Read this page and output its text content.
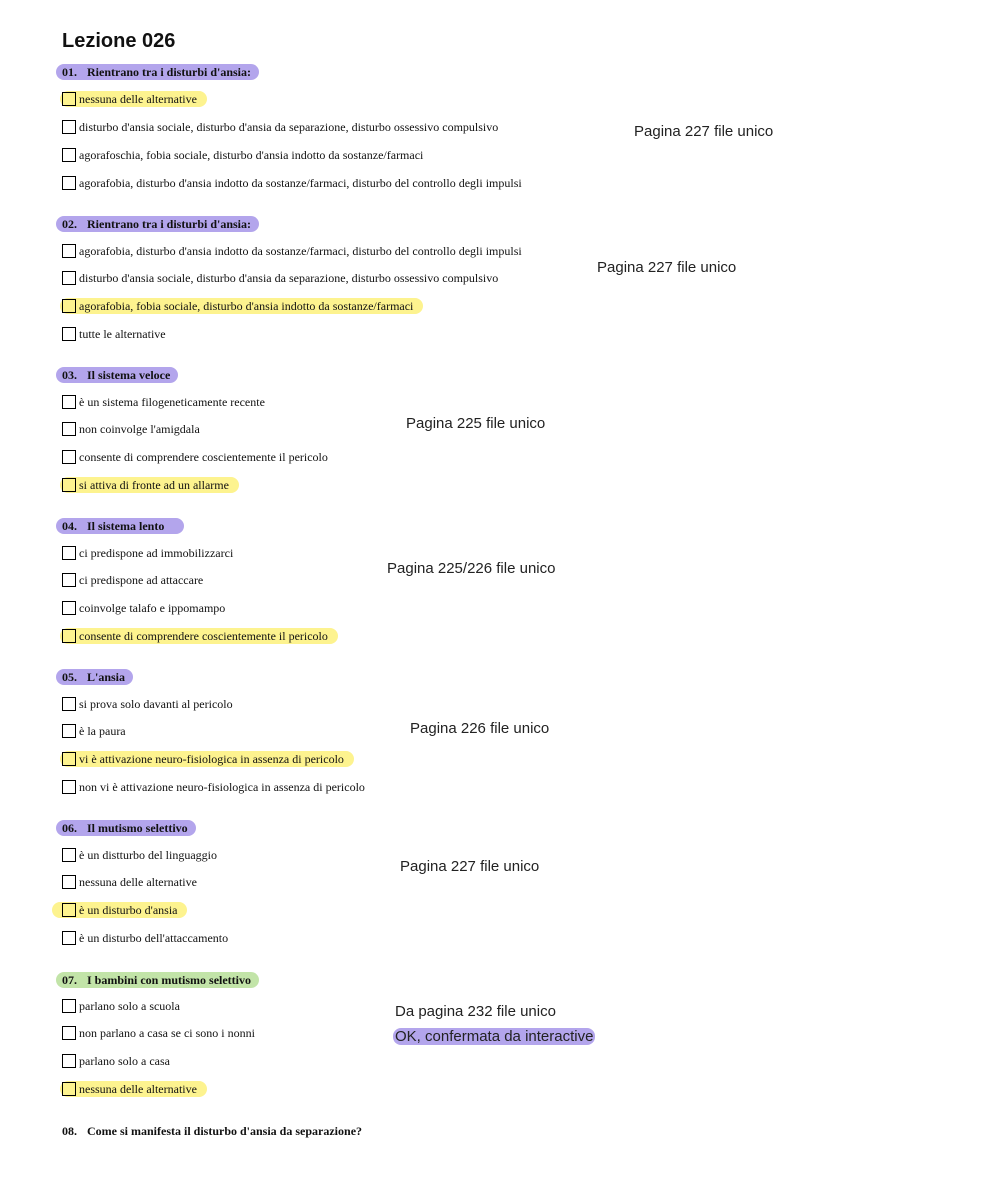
Lezione 026
01. Rientrano tra i disturbi d'ansia:
nessuna delle alternative
disturbo d'ansia sociale, disturbo d'ansia da separazione, disturbo ossessivo compulsivo
agorafoschia, fobia sociale, disturbo d'ansia indotto da sostanze/farmaci
agorafobia, disturbo d'ansia indotto da sostanze/farmaci, disturbo del controllo degli impulsi
Pagina 227 file unico
02. Rientrano tra i disturbi d'ansia:
agorafobia, disturbo d'ansia indotto da sostanze/farmaci, disturbo del controllo degli impulsi
disturbo d'ansia sociale, disturbo d'ansia da separazione, disturbo ossessivo compulsivo
agorafobia, fobia sociale, disturbo d'ansia indotto da sostanze/farmaci
tutte le alternative
Pagina 227 file unico
03. Il sistema veloce
è un sistema filogeneticamente recente
non coinvolge l'amigdala
consente di comprendere coscientemente il pericolo
si attiva di fronte ad un allarme
Pagina 225 file unico
04. Il sistema lento
ci predispone ad immobilizzarci
ci predispone ad attaccare
coinvolge talafo e ippomampo
consente di comprendere coscientemente il pericolo
Pagina 225/226 file unico
05. L'ansia
si prova solo davanti al pericolo
è la paura
vi è attivazione neuro-fisiologica in assenza di pericolo
non vi è attivazione neuro-fisiologica in assenza di pericolo
Pagina 226 file unico
06. Il mutismo selettivo
è un distturbo del linguaggio
nessuna delle alternative
è un disturbo d'ansia
è un disturbo dell'attaccamento
Pagina 227 file unico
07. I bambini con mutismo selettivo
parlano solo a scuola
non parlano a casa se ci sono i nonni
parlano solo a casa
nessuna delle alternative
Da pagina 232 file unico
OK, confermata da interactive
08. Come si manifesta il disturbo d'ansia da separazione?
